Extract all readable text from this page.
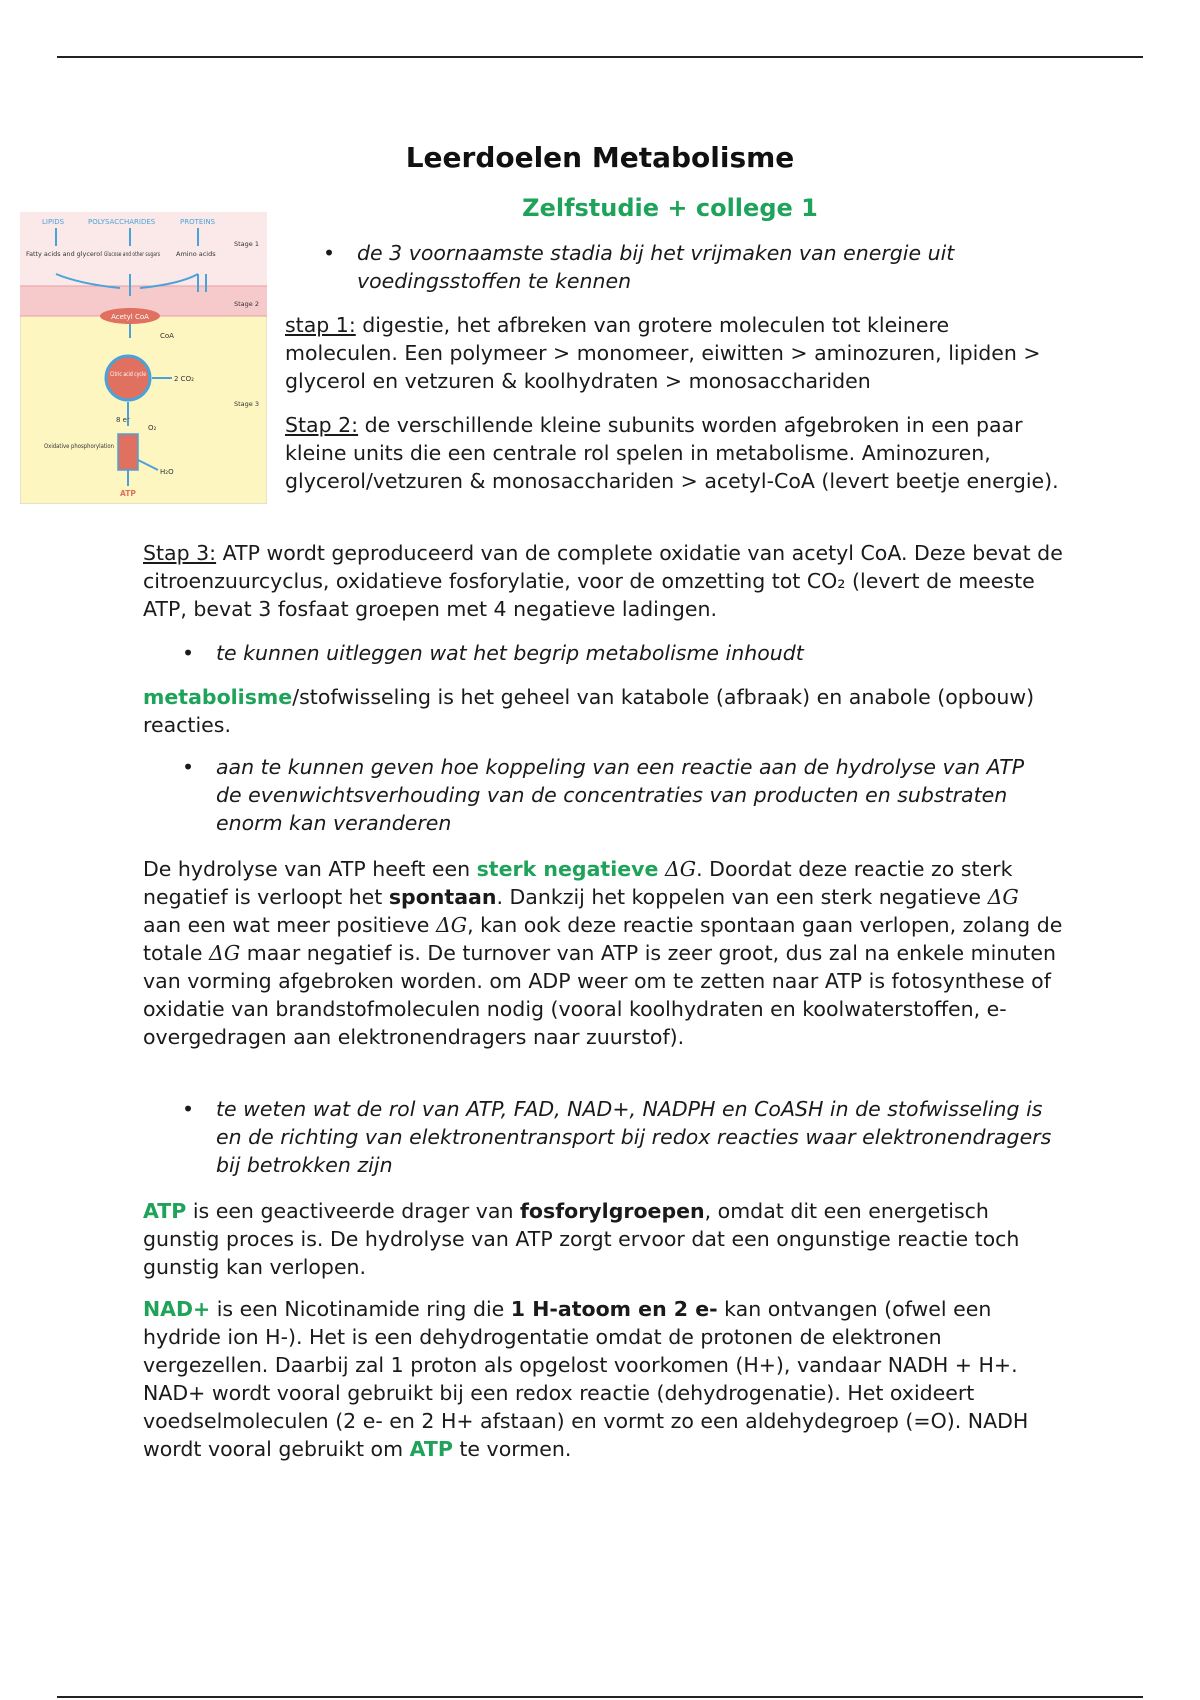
Leerdoelen Metabolisme
Zelfstudie + college 1
LIPIDS	POLYSACCHARIDES	PROTEINS
Fatty acids and glycerol Glucose and other sugars Amino acids
Stage 1
Stage 2
Stage 3
Acetyl CoA
CoA
Citric acid cycle
2 CO₂
8 e⁻
O₂
Oxidative phosphorylation
H₂O
ATP
• de 3 voornaamste stadia bij het vrijmaken van energie uit voedingsstoffen te kennen
stap 1: digestie, het afbreken van grotere moleculen tot kleinere moleculen. Een polymeer > monomeer, eiwitten > aminozuren, lipiden > glycerol en vetzuren & koolhydraten > monosacchariden
Stap 2: de verschillende kleine subunits worden afgebroken in een paar kleine units die een centrale rol spelen in metabolisme. Aminozuren, glycerol/vetzuren & monosacchariden > acetyl-CoA (levert beetje energie).
Stap 3: ATP wordt geproduceerd van de complete oxidatie van acetyl CoA. Deze bevat de citroenzuurcyclus, oxidatieve fosforylatie, voor de omzetting tot CO₂ (levert de meeste ATP, bevat 3 fosfaat groepen met 4 negatieve ladingen.
• te kunnen uitleggen wat het begrip metabolisme inhoudt
metabolisme/stofwisseling is het geheel van katabole (afbraak) en anabole (opbouw) reacties.
• aan te kunnen geven hoe koppeling van een reactie aan de hydrolyse van ATP de evenwichtsverhouding van de concentraties van producten en substraten enorm kan veranderen
De hydrolyse van ATP heeft een sterk negatieve ΔG. Doordat deze reactie zo sterk negatief is verloopt het spontaan. Dankzij het koppelen van een sterk negatieve ΔG aan een wat meer positieve ΔG, kan ook deze reactie spontaan gaan verlopen, zolang de totale ΔG maar negatief is. De turnover van ATP is zeer groot, dus zal na enkele minuten van vorming afgebroken worden. om ADP weer om te zetten naar ATP is fotosynthese of oxidatie van brandstofmoleculen nodig (vooral koolhydraten en koolwaterstoffen, e- overgedragen aan elektronendragers naar zuurstof).
• te weten wat de rol van ATP, FAD, NAD+, NADPH en CoASH in de stofwisseling is en de richting van elektronentransport bij redox reacties waar elektronendragers bij betrokken zijn
ATP is een geactiveerde drager van fosforylgroepen, omdat dit een energetisch gunstig proces is. De hydrolyse van ATP zorgt ervoor dat een ongunstige reactie toch gunstig kan verlopen.
NAD+ is een Nicotinamide ring die 1 H-atoom en 2 e- kan ontvangen (ofwel een hydride ion H-). Het is een dehydrogentatie omdat de protonen de elektronen vergezellen. Daarbij zal 1 proton als opgelost voorkomen (H+), vandaar NADH + H+. NAD+ wordt vooral gebruikt bij een redox reactie (dehydrogenatie). Het oxideert voedselmoleculen (2 e- en 2 H+ afstaan) en vormt zo een aldehydegroep (=O). NADH wordt vooral gebruikt om ATP te vormen.
